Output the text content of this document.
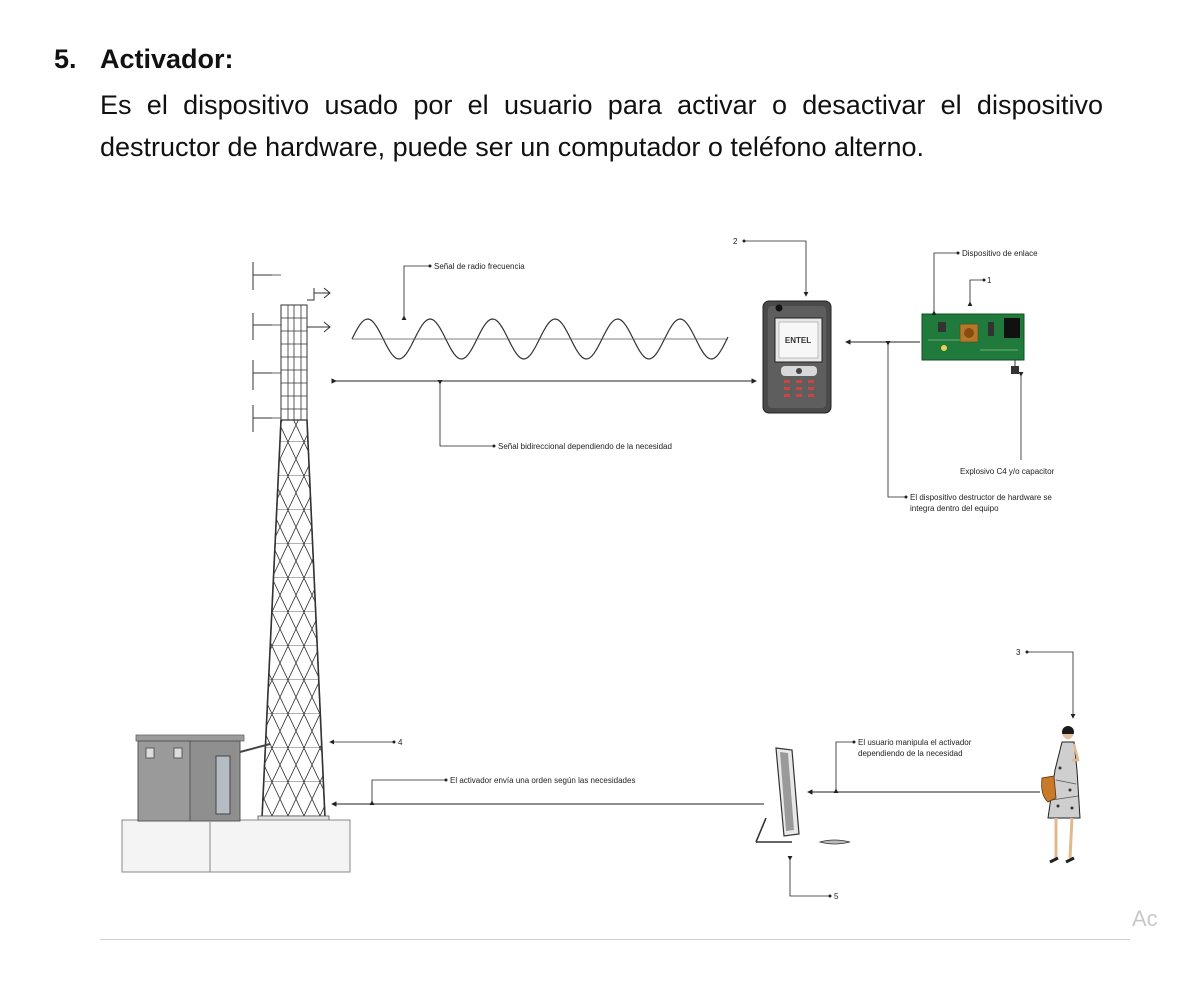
5. Activador:

Es el dispositivo usado por el usuario para activar o desactivar el dispositivo destructor de hardware, puede ser un computador o teléfono alterno.

Señal de radio frecuencia
Señal bidireccional dependiendo de la necesidad
ENTEL
2
Dispositivo de enlace
1
El dispositivo destructor de hardware se
integra dentro del equipo
Explosivo C4 y/o capacitor
5
El activador envía una orden según las necesidades
4
3
El usuario manipula el activador
dependiendo de la necesidad
Ac
